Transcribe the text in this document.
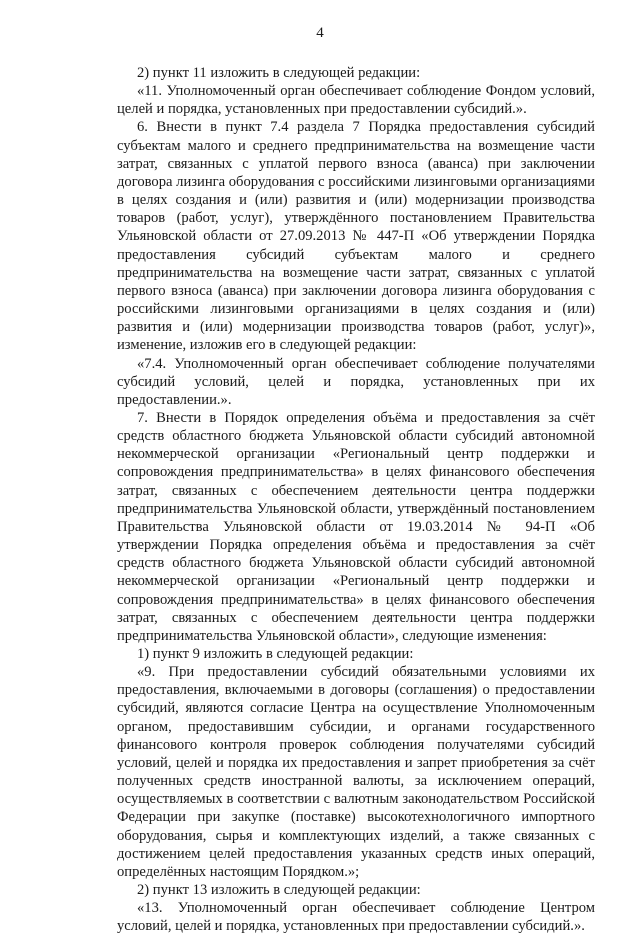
4

2) пункт 11 изложить в следующей редакции:

«11. Уполномоченный орган обеспечивает соблюдение Фондом условий, целей и порядка, установленных при предоставлении субсидий.».

6. Внести в пункт 7.4 раздела 7 Порядка предоставления субсидий субъектам малого и среднего предпринимательства на возмещение части затрат, связанных с уплатой первого взноса (аванса) при заключении договора лизинга оборудования с российскими лизинговыми организациями в целях создания и (или) развития и (или) модернизации производства товаров (работ, услуг), утверждённого постановлением Правительства Ульяновской области от 27.09.2013 № 447-П «Об утверждении Порядка предоставления субсидий субъектам малого и среднего предпринимательства на возмещение части затрат, связанных с уплатой первого взноса (аванса) при заключении договора лизинга оборудования с российскими лизинговыми организациями в целях создания и (или) развития и (или) модернизации производства товаров (работ, услуг)», изменение, изложив его в следующей редакции:

«7.4. Уполномоченный орган обеспечивает соблюдение получателями субсидий условий, целей и порядка, установленных при их предоставлении.».

7. Внести в Порядок определения объёма и предоставления за счёт средств областного бюджета Ульяновской области субсидий автономной некоммерческой организации «Региональный центр поддержки и сопровождения предпринимательства» в целях финансового обеспечения затрат, связанных с обеспечением деятельности центра поддержки предпринимательства Ульяновской области, утверждённый постановлением Правительства Ульяновской области от 19.03.2014 № 94-П «Об утверждении Порядка определения объёма и предоставления за счёт средств областного бюджета Ульяновской области субсидий автономной некоммерческой организации «Региональный центр поддержки и сопровождения предпринимательства» в целях финансового обеспечения затрат, связанных с обеспечением деятельности центра поддержки предпринимательства Ульяновской области», следующие изменения:

1) пункт 9 изложить в следующей редакции:

«9. При предоставлении субсидий обязательными условиями их предоставления, включаемыми в договоры (соглашения) о предоставлении субсидий, являются согласие Центра на осуществление Уполномоченным органом, предоставившим субсидии, и органами государственного финансового контроля проверок соблюдения получателями субсидий условий, целей и порядка их предоставления и запрет приобретения за счёт полученных средств иностранной валюты, за исключением операций, осуществляемых в соответствии с валютным законодательством Российской Федерации при закупке (поставке) высокотехнологичного импортного оборудования, сырья и комплектующих изделий, а также связанных с достижением целей предоставления указанных средств иных операций, определённых настоящим Порядком.»;

2) пункт 13 изложить в следующей редакции:

«13. Уполномоченный орган обеспечивает соблюдение Центром условий, целей и порядка, установленных при предоставлении субсидий.».
